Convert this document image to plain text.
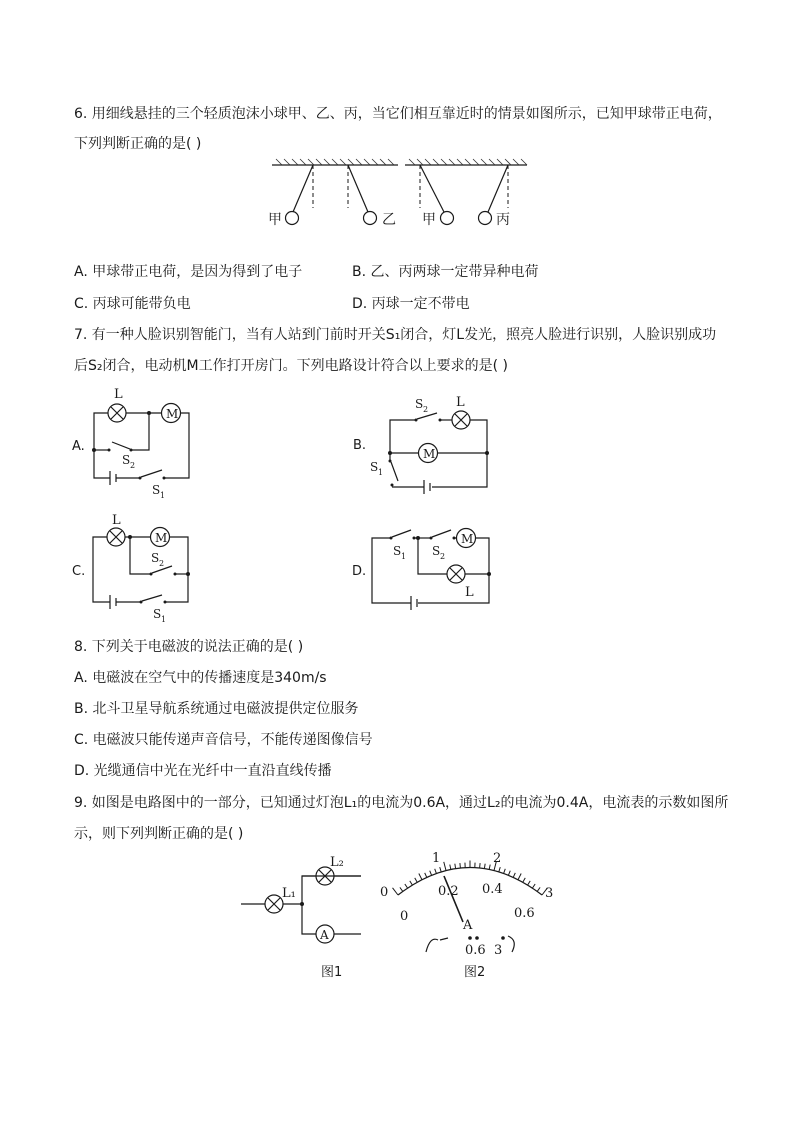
6. 用细线悬挂的三个轻质泡沫小球甲、乙、丙，当它们相互靠近时的情景如图所示，已知甲球带正电荷，
下列判断正确的是( )
甲	乙 甲	丙
A. 甲球带正电荷，是因为得到了电子	B. 乙、丙两球一定带异种电荷
C. 丙球可能带负电	D. 丙球一定不带电
7. 有一种人脸识别智能门，当有人站到门前时开关S₁闭合，灯L发光，照亮人脸进行识别，人脸识别成功
后S₂闭合，电动机M工作打开房门。下列电路设计符合以上要求的是( )
A.
L
M
S 2
S 1
B.
L
S 2
M
S 1
C.
L
M
S 2
S 1
D.
M
L
S 1 S 2
8. 下列关于电磁波的说法正确的是( )
A. 电磁波在空气中的传播速度是340m/s
B. 北斗卫星导航系统通过电磁波提供定位服务
C. 电磁波只能传递声音信号，不能传递图像信号
D. 光缆通信中光在光纤中一直沿直线传播
9. 如图是电路图中的一部分，已知通过灯泡L₁的电流为0.6A，通过L₂的电流为0.4A，电流表的示数如图所
示，则下列判断正确的是( )
L₁
L₂
A
图1
0
1	2
3
0
0.2 0.4
0.6
A
0.6 3
图2
